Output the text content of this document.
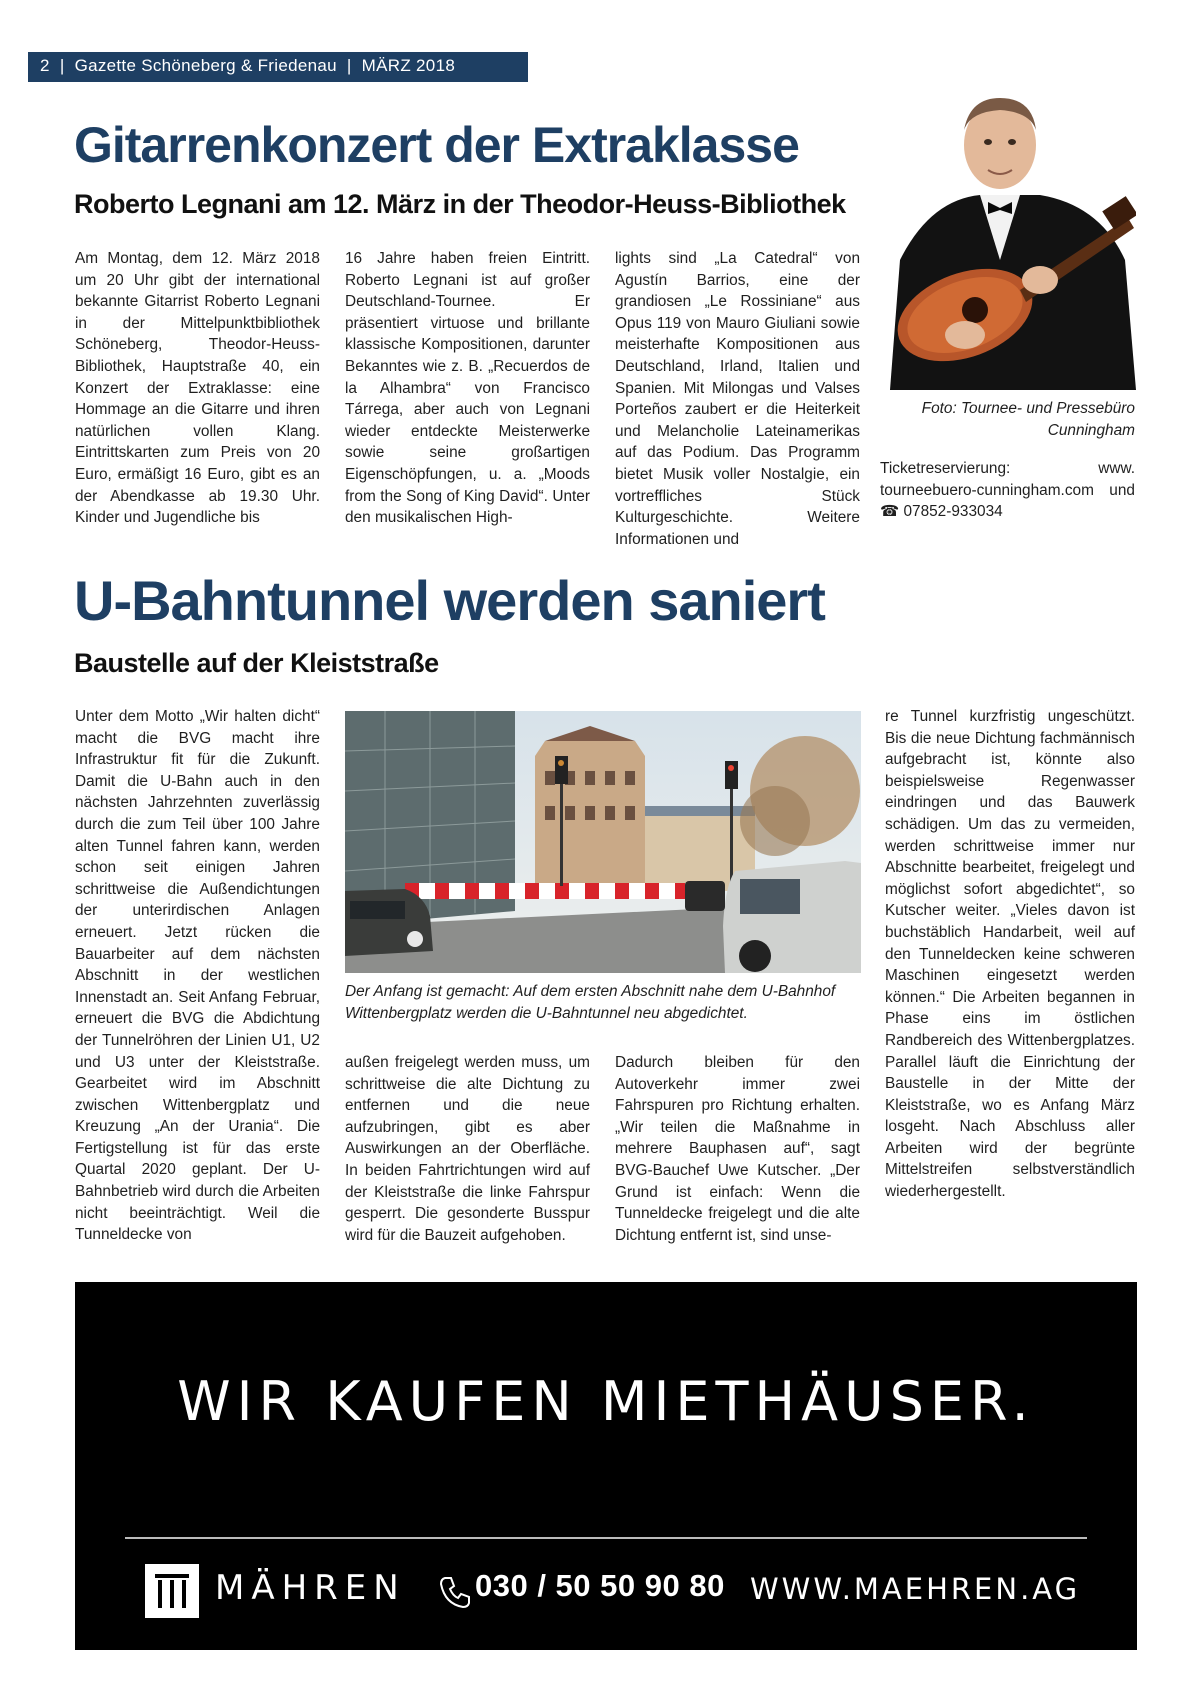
2 | Gazette Schöneberg & Friedenau | MÄRZ 2018
Gitarrenkonzert der Extraklasse
Roberto Legnani am 12. März in der Theodor-Heuss-Bibliothek

Am Montag, dem 12. März 2018 um 20 Uhr gibt der international bekannte Gitarrist Roberto Legnani in der Mittelpunktbibliothek Schöneberg, Theodor-Heuss-Bibliothek, Hauptstraße 40, ein Konzert der Extraklasse: eine Hommage an die Gitarre und ihren natürlichen vollen Klang. Eintrittskarten zum Preis von 20 Euro, ermäßigt 16 Euro, gibt es an der Abendkasse ab 19.30 Uhr. Kinder und Jugendliche bis

16 Jahre haben freien Eintritt. Roberto Legnani ist auf großer Deutschland-Tournee. Er präsentiert virtuose und brillante klassische Kompositionen, darunter Bekanntes wie z. B. „Recuerdos de la Alhambra“ von Francisco Tárrega, aber auch von Legnani wieder entdeckte Meisterwerke sowie seine großartigen Eigenschöpfungen, u. a. „Moods from the Song of King David“. Unter den musikalischen High-

lights sind „La Catedral“ von Agustín Barrios, eine der grandiosen „Le Rossiniane“ aus Opus 119 von Mauro Giuliani sowie meisterhafte Kompositionen aus Deutschland, Irland, Italien und Spanien. Mit Milongas und Valses Porteños zaubert er die Heiterkeit und Melancholie Lateinamerikas auf das Podium. Das Programm bietet Musik voller Nostalgie, ein vortreffliches Stück Kulturgeschichte. Weitere Informationen und

Foto: Tournee- und Pressebüro Cunningham

Ticketreservierung: www. tourneebuero-cunningham.com und ☎ 07852-933034

U-Bahntunnel werden saniert
Baustelle auf der Kleiststraße

Unter dem Motto „Wir halten dicht“ macht die BVG macht ihre Infrastruktur fit für die Zukunft. Damit die U-Bahn auch in den nächsten Jahrzehnten zuverlässig durch die zum Teil über 100 Jahre alten Tunnel fahren kann, werden schon seit einigen Jahren schrittweise die Außendichtungen der unterirdischen Anlagen erneuert. Jetzt rücken die Bauarbeiter auf dem nächsten Abschnitt in der westlichen Innenstadt an. Seit Anfang Februar, erneuert die BVG die Abdichtung der Tunnelröhren der Linien U1, U2 und U3 unter der Kleiststraße. Gearbeitet wird im Abschnitt zwischen Wittenbergplatz und Kreuzung „An der Urania“. Die Fertigstellung ist für das erste Quartal 2020 geplant. Der U-Bahnbetrieb wird durch die Arbeiten nicht beeinträchtigt. Weil die Tunneldecke von

Der Anfang ist gemacht: Auf dem ersten Abschnitt nahe dem U-Bahnhof Wittenbergplatz werden die U-Bahntunnel neu abgedichtet.

außen freigelegt werden muss, um schrittweise die alte Dichtung zu entfernen und die neue aufzubringen, gibt es aber Auswirkungen an der Oberfläche. In beiden Fahrtrichtungen wird auf der Kleiststraße die linke Fahrspur gesperrt. Die gesonderte Busspur wird für die Bauzeit aufgehoben.

Dadurch bleiben für den Autoverkehr immer zwei Fahrspuren pro Richtung erhalten. „Wir teilen die Maßnahme in mehrere Bauphasen auf“, sagt BVG-Bauchef Uwe Kutscher. „Der Grund ist einfach: Wenn die Tunneldecke freigelegt und die alte Dichtung entfernt ist, sind unse-

re Tunnel kurzfristig ungeschützt. Bis die neue Dichtung fachmännisch aufgebracht ist, könnte also beispielsweise Regenwasser eindringen und das Bauwerk schädigen. Um das zu vermeiden, werden schrittweise immer nur Abschnitte bearbeitet, freigelegt und möglichst sofort abgedichtet“, so Kutscher weiter. „Vieles davon ist buchstäblich Handarbeit, weil auf den Tunneldecken keine schweren Maschinen eingesetzt werden können.“ Die Arbeiten begannen in Phase eins im östlichen Randbereich des Wittenbergplatzes. Parallel läuft die Einrichtung der Baustelle in der Mitte der Kleiststraße, wo es Anfang März losgeht. Nach Abschluss aller Arbeiten wird der begrünte Mittelstreifen selbstverständlich wiederhergestellt.

WIR KAUFEN MIETHÄUSER.
MÄHREN 030 / 50 50 90 80 WWW.MAEHREN.AG
